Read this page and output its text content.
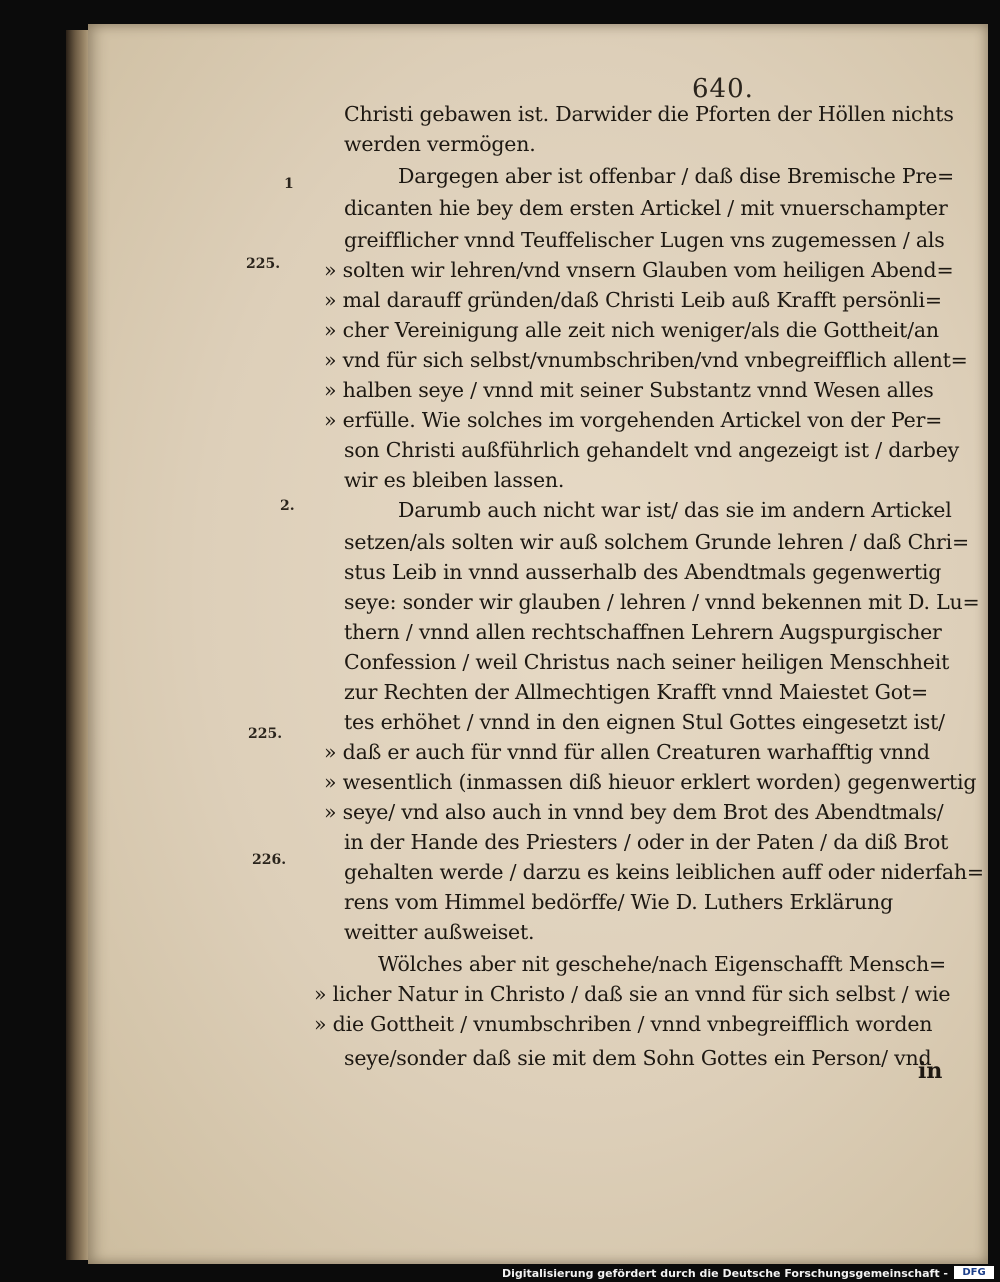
640.
Christi gebawen ist. Darwider die Pforten der Höllen nichts
werden vermögen.
Dargegen aber ist offenbar / daß dise Bremische Pre=
dicanten hie bey dem ersten Artickel / mit vnuerschampter
greifflicher vnnd Teuffelischer Lugen vns zugemessen / als
» solten wir lehren/vnd vnsern Glauben vom heiligen Abend=
» mal darauff gründen/daß Christi Leib auß Krafft persönli=
» cher Vereinigung alle zeit nich weniger/als die Gottheit/an
» vnd für sich selbst/vnumbschriben/vnd vnbegreifflich allent=
» halben seye / vnnd mit seiner Substantz vnnd Wesen alles
» erfülle. Wie solches im vorgehenden Artickel von der Per=
son Christi außführlich gehandelt vnd angezeigt ist / darbey
wir es bleiben lassen.
Darumb auch nicht war ist/ das sie im andern Artickel
setzen/als solten wir auß solchem Grunde lehren / daß Chri=
stus Leib in vnnd ausserhalb des Abendtmals gegenwertig
seye: sonder wir glauben / lehren / vnnd bekennen mit D. Lu=
thern / vnnd allen rechtschaffnen Lehrern Augspurgischer
Confession / weil Christus nach seiner heiligen Menschheit
zur Rechten der Allmechtigen Krafft vnnd Maiestet Got=
tes erhöhet / vnnd in den eignen Stul Gottes eingesetzt ist/
» daß er auch für vnnd für allen Creaturen warhafftig vnnd
» wesentlich (inmassen diß hieuor erklert worden) gegenwertig
» seye/ vnd also auch in vnnd bey dem Brot des Abendtmals/
in der Hande des Priesters / oder in der Paten / da diß Brot
gehalten werde / darzu es keins leiblichen auff oder niderfah=
rens vom Himmel bedörffe/ Wie D. Luthers Erklärung
weitter außweiset.
Wölches aber nit geschehe/nach Eigenschafft Mensch=
» licher Natur in Christo / daß sie an vnnd für sich selbst / wie
» die Gottheit / vnumbschriben / vnnd vnbegreifflich worden
seye/sonder daß sie mit dem Sohn Gottes ein Person/ vnd
1
225.
2.
225.
226.
in
Digitalisierung gefördert durch die Deutsche Forschungsgemeinschaft -	DFG
